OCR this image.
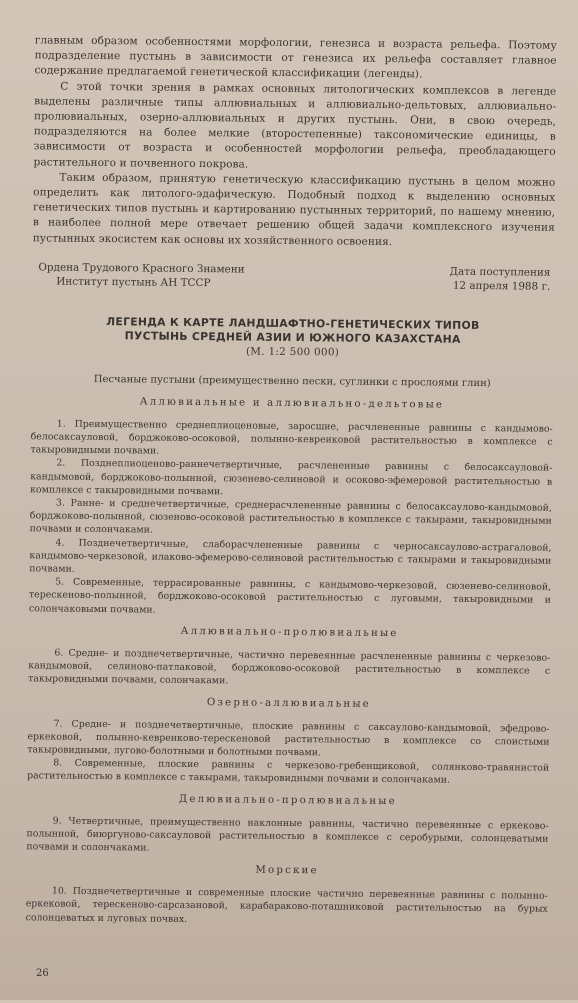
главным образом особенностями морфологии, генезиса и возраста рельефа. Поэтому подразделение пустынь в зависимости от генезиса их рельефа составляет главное содержание предлагаемой генетической классификации (легенды).

С этой точки зрения в рамках основных литологических комплексов в легенде выделены различные типы аллювиальных и аллювиально-дельтовых, аллювиально-пролювиальных, озерно-аллювиальных и других пустынь. Они, в свою очередь, подразделяются на более мелкие (второстепенные) таксономические единицы, в зависимости от возраста и особенностей морфологии рельефа, преобладающего растительного и почвенного покрова.

Таким образом, принятую генетическую классификацию пустынь в целом можно определить как литолого-эдафическую. Подобный подход к выделению основных генетических типов пустынь и картированию пустынных территорий, по нашему мнению, в наиболее полной мере отвечает решению общей задачи комплексного изучения пустынных экосистем как основы их хозяйственного освоения.

Ордена Трудового Красного Знамени
Институт пустынь АН ТССР
Дата поступления
12 апреля 1988 г.
ЛЕГЕНДА К КАРТЕ ЛАНДШАФТНО-ГЕНЕТИЧЕСКИХ ТИПОВ
ПУСТЫНЬ СРЕДНЕЙ АЗИИ И ЮЖНОГО КАЗАХСТАНА
(М. 1:2 500 000)
Песчаные пустыни (преимущественно пески, суглинки с прослоями глин)
Аллювиальные и аллювиально-дельтовые

1. Преимущественно среднеплиоценовые, заросшие, расчлененные равнины с кандымово-белосаксауловой, борджоково-осоковой, полынно-кевреиковой растительностью в комплексе с такыровидными почвами.

2. Позднеплиоценово-раннечетвертичные, расчлененные равнины с белосаксауловой-кандымовой, борджоково-полынной, сюзенево-селиновой и осоково-эфемеровой растительностью в комплексе с такыровидными почвами.

3. Ранне- и среднечетвертичные, среднерасчлененные равнины с белосаксаулово-кандымовой, борджоково-полынной, сюзеново-осоковой растительностью в комплексе с такырами, такыровидными почвами и солончаками.

4. Позднечетвертичные, слаборасчлененные равнины с черносаксаулово-астрагаловой, кандымово-черкезовой, илаково-эфемерово-селиновой растительностью с такырами и такыровидными почвами.

5. Современные, террасированные равнины, с кандымово-черкезовой, сюзенево-селиновой, терескеново-полынной, борджоково-осоковой растительностью с луговыми, такыровидными и солончаковыми почвами.

Аллювиально-пролювиальные

6. Средне- и позднечетвертичные, частично перевеянные расчлененные равнины с черкезово-кандымовой, селиново-патлаковой, борджоково-осоковой растительностью в комплексе с такыровидными почвами, солончаками.

Озерно-аллювиальные

7. Средне- и позднечетвертичные, плоские равнины с саксаулово-кандымовой, эфедрово-еркековой, полынно-кевренково-терескеновой растительностью в комплексе со слоистыми такыровидными, лугово-болотными и болотными почвами.

8. Современные, плоские равнины с черкезово-гребенщиковой, солянково-травянистой растительностью в комплексе с такырами, такыровидными почвами и солончаками.

Делювиально-пролювиальные

9. Четвертичные, преимущественно наклонные равнины, частично перевеянные с еркеково-полынной, биюргуново-саксауловой растительностью в комплексе с серобурыми, солонцеватыми почвами и солончаками.

Морские

10. Позднечетвертичные и современные плоские частично перевеянные равнины с полынно-еркековой, терескеново-сарсазановой, карабараково-поташниковой растительностью на бурых солонцеватых и луговых почвах.

26
